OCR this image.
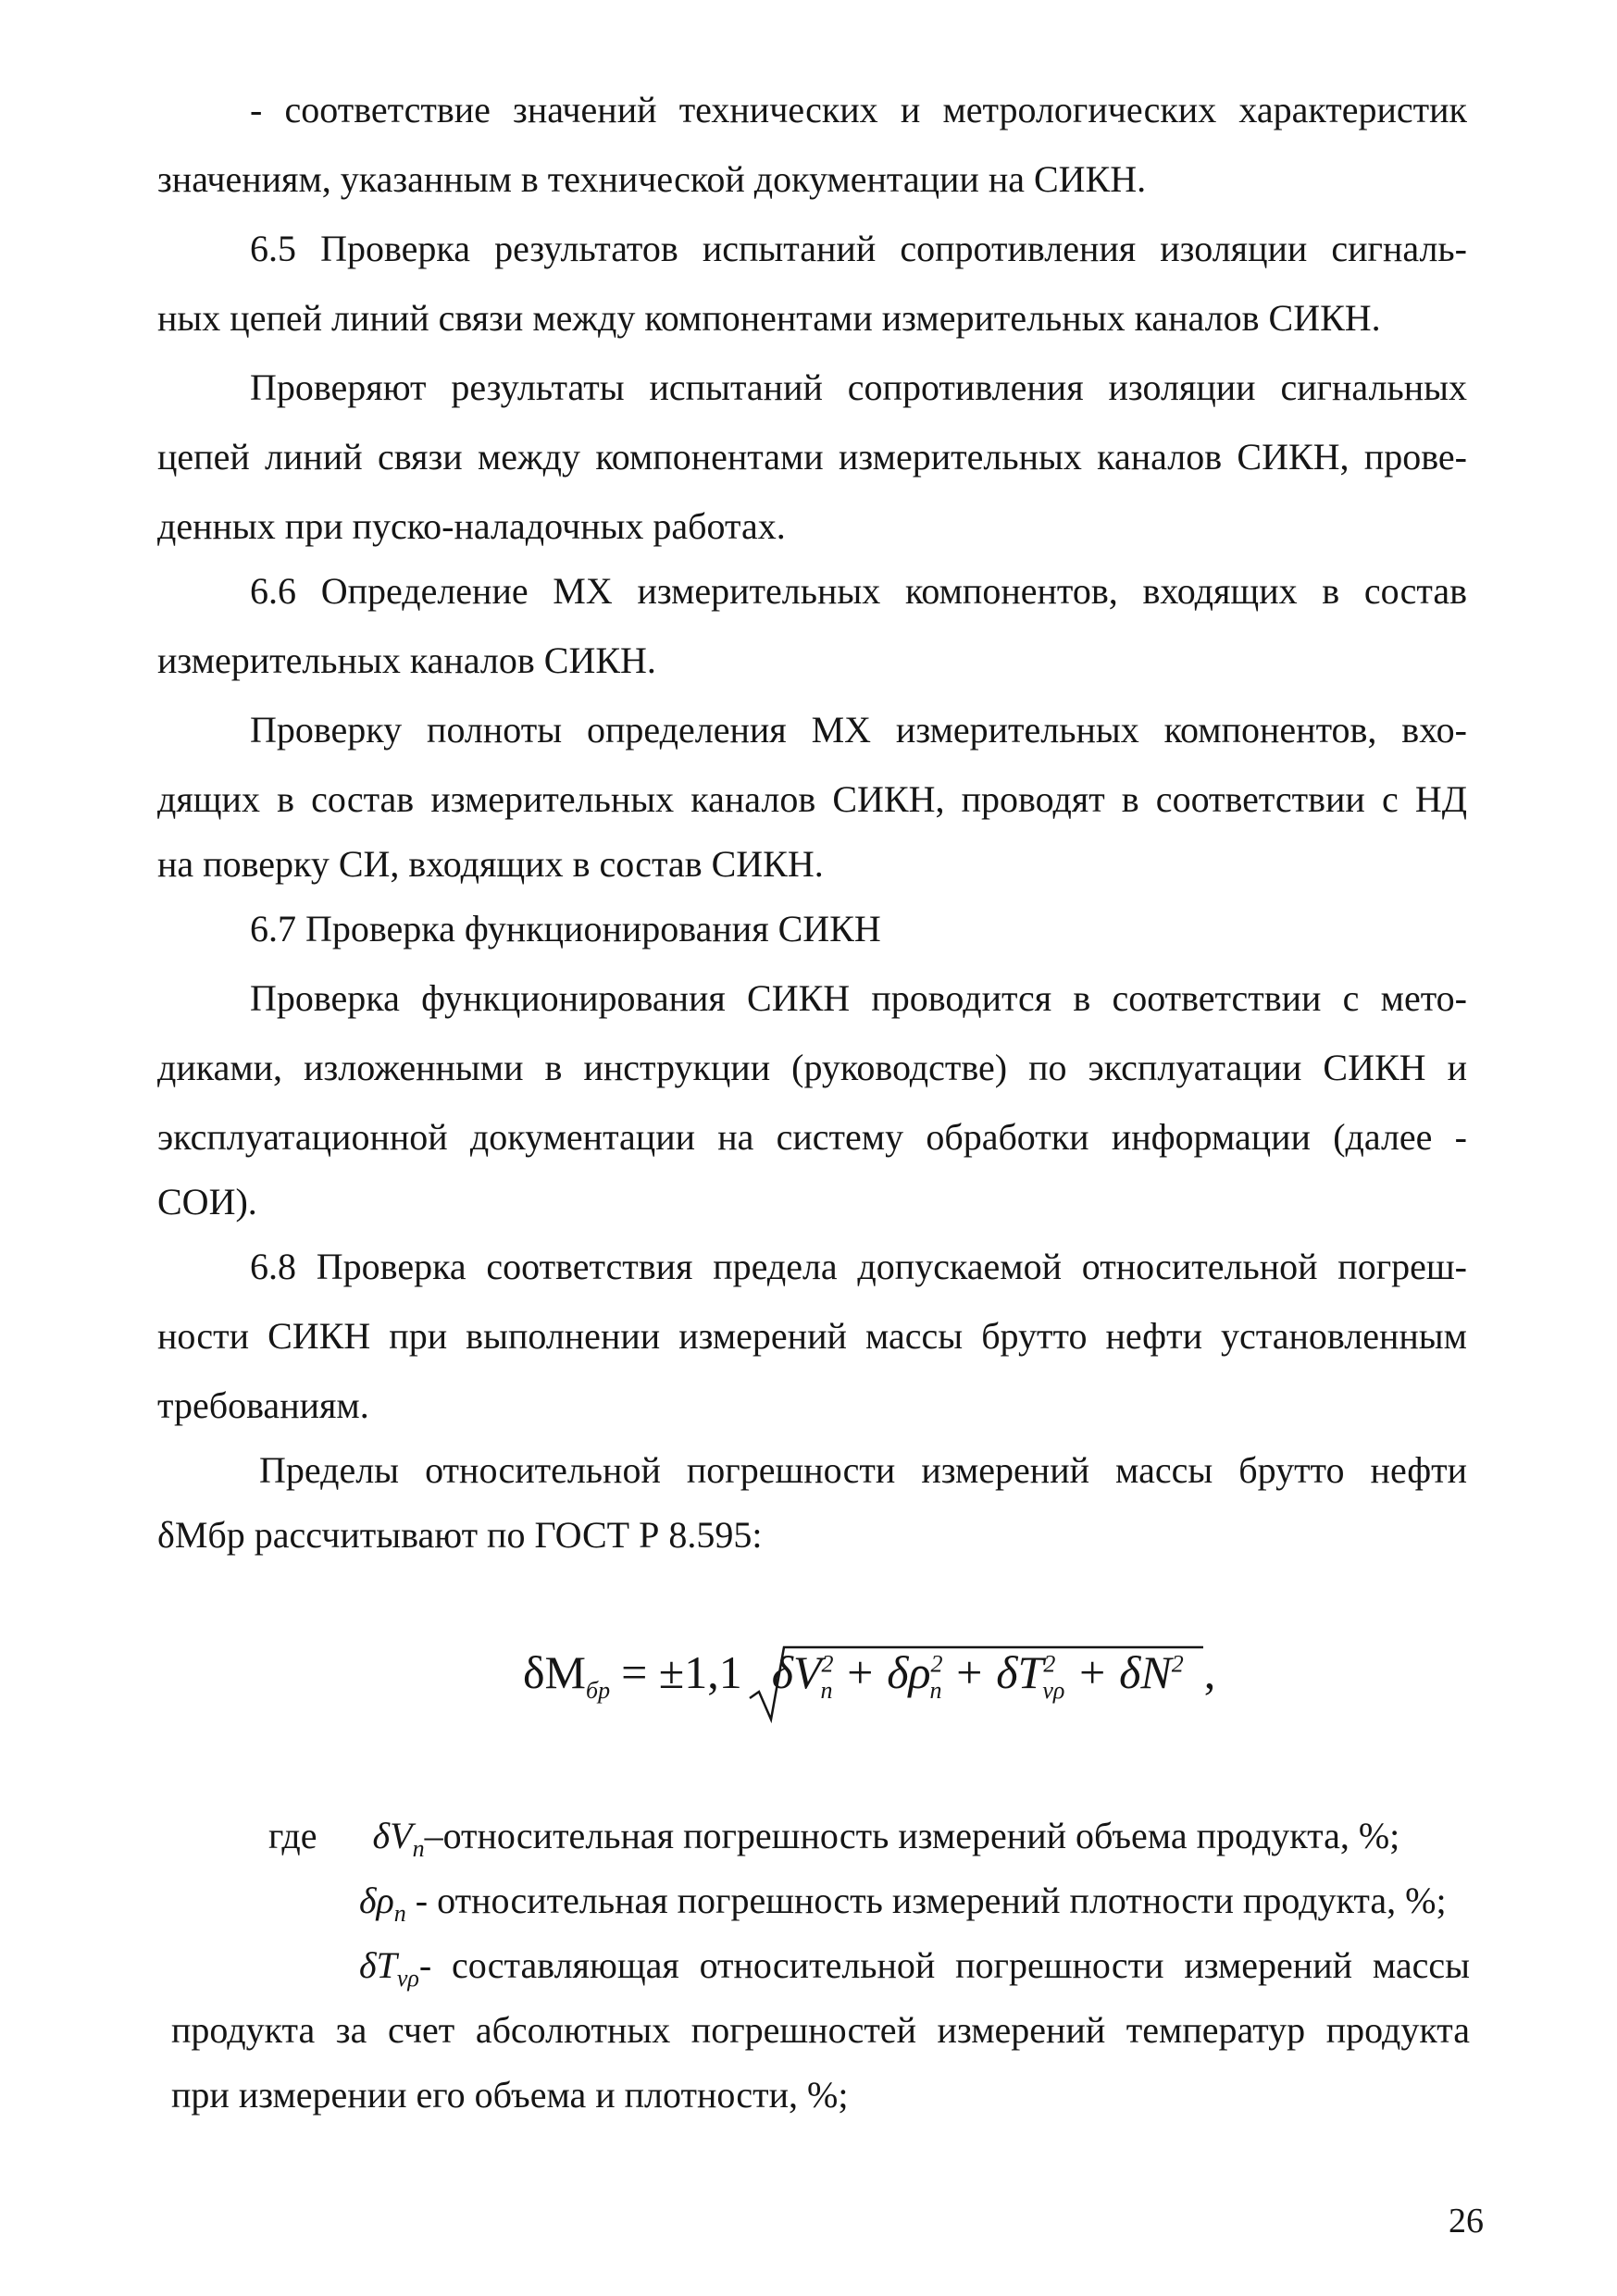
- соответствие значений технических и метрологических характеристик
значениям, указанным в технической документации на СИКН.
6.5 Проверка результатов испытаний сопротивления изоляции сигналь-
ных цепей линий связи между компонентами измерительных каналов СИКН.
Проверяют результаты испытаний сопротивления изоляции сигнальных
цепей линий связи между компонентами измерительных каналов СИКН, прове-
денных при пуско-наладочных работах.
6.6 Определение МХ измерительных компонентов, входящих в состав
измерительных каналов СИКН.
Проверку полноты определения МХ измерительных компонентов, вхо-
дящих в состав измерительных каналов СИКН, проводят в соответствии с НД
на поверку СИ, входящих в состав СИКН.
6.7 Проверка функционирования СИКН
Проверка функционирования СИКН проводится в соответствии с мето-
диками, изложенными в инструкции (руководстве) по эксплуатации СИКН и
эксплуатационной документации на систему обработки информации (далее -
СОИ).
6.8 Проверка соответствия предела допускаемой относительной погреш-
ности СИКН при выполнении измерений массы брутто нефти установленным
требованиям.
Пределы относительной погрешности измерений массы брутто нефти
δМбр рассчитывают по ГОСТ Р 8.595:
$\delta М_{бр} = \pm 1,1$ $\delta V^2_п + \delta\rho^2_п + \delta T^2_{v\rho} + \delta N^2$ ,
где $\delta V_п$–относительная погрешность измерений объема продукта, %;
$\delta\rho_п$ - относительная погрешность измерений плотности продукта, %;
$\delta T_{v\rho}-$ составляющая относительной погрешности измерений массы
продукта за счет абсолютных погрешностей измерений температур продукта
при измерении его объема и плотности, %;
26
